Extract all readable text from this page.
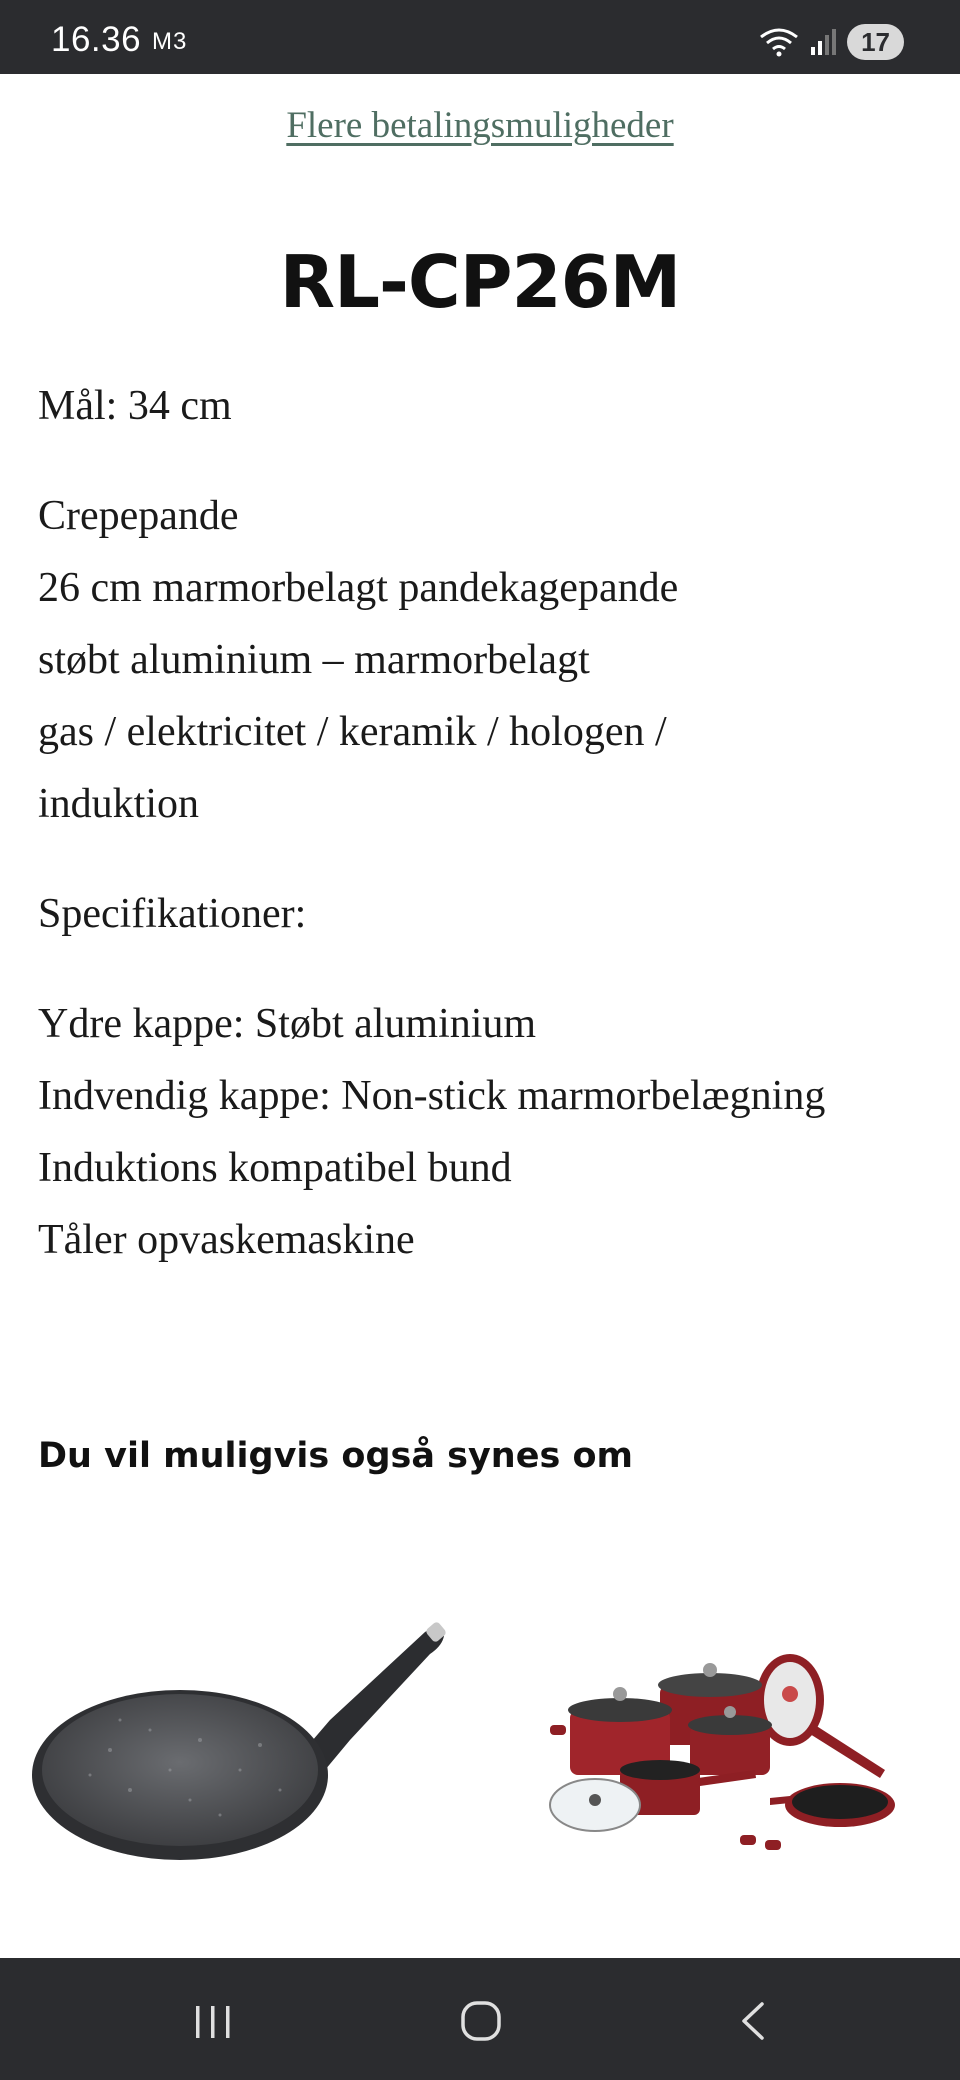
16.36 M3	17
Flere betalingsmuligheder
RL-CP26M
Mål: 34 cm
Crepepande
26 cm marmorbelagt pandekagepande
støbt aluminium – marmorbelagt
gas / elektricitet / keramik / hologen /
induktion
Specifikationer:
Ydre kappe: Støbt aluminium
Indvendig kappe: Non-stick marmorbelægning
Induktions kompatibel bund
Tåler opvaskemaskine
Du vil muligvis også synes om
